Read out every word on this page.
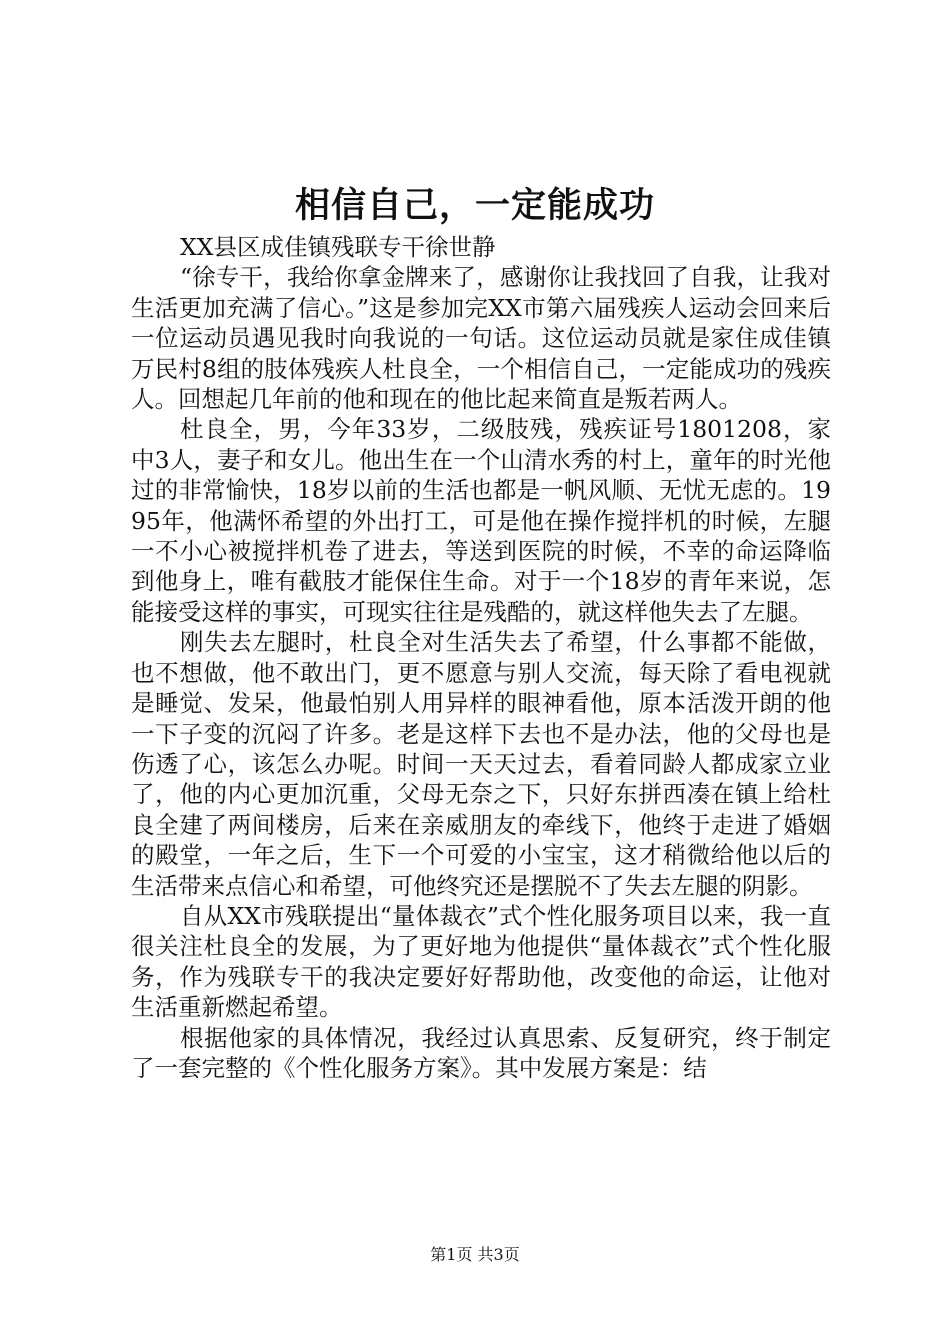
相信自己，一定能成功

XX县区成佳镇残联专干徐世静

“徐专干，我给你拿金牌来了，感谢你让我找回了自我，让我对生活更加充满了信心。”这是参加完XX市第六届残疾人运动会回来后一位运动员遇见我时向我说的一句话。这位运动员就是家住成佳镇万民村8组的肢体残疾人杜良全，一个相信自己，一定能成功的残疾人。回想起几年前的他和现在的他比起来简直是叛若两人。

杜良全，男，今年33岁，二级肢残，残疾证号1801208，家中3人，妻子和女儿。他出生在一个山清水秀的村上，童年的时光他过的非常愉快，18岁以前的生活也都是一帆风顺、无忧无虑的。1995年，他满怀希望的外出打工，可是他在操作搅拌机的时候，左腿一不小心被搅拌机卷了进去，等送到医院的时候，不幸的命运降临到他身上，唯有截肢才能保住生命。对于一个18岁的青年来说，怎能接受这样的事实，可现实往往是残酷的，就这样他失去了左腿。

刚失去左腿时，杜良全对生活失去了希望，什么事都不能做，也不想做，他不敢出门，更不愿意与别人交流，每天除了看电视就是睡觉、发呆，他最怕别人用异样的眼神看他，原本活泼开朗的他一下子变的沉闷了许多。老是这样下去也不是办法，他的父母也是伤透了心，该怎么办呢。时间一天天过去，看着同龄人都成家立业了，他的内心更加沉重，父母无奈之下，只好东拼西凑在镇上给杜良全建了两间楼房，后来在亲威朋友的牵线下，他终于走进了婚姻的殿堂，一年之后，生下一个可爱的小宝宝，这才稍微给他以后的生活带来点信心和希望，可他终究还是摆脱不了失去左腿的阴影。

自从XX市残联提出“量体裁衣”式个性化服务项目以来，我一直很关注杜良全的发展，为了更好地为他提供“量体裁衣”式个性化服务，作为残联专干的我决定要好好帮助他，改变他的命运，让他对生活重新燃起希望。

根据他家的具体情况，我经过认真思索、反复研究，终于制定了一套完整的《个性化服务方案》。其中发展方案是：结

第1页 共3页
